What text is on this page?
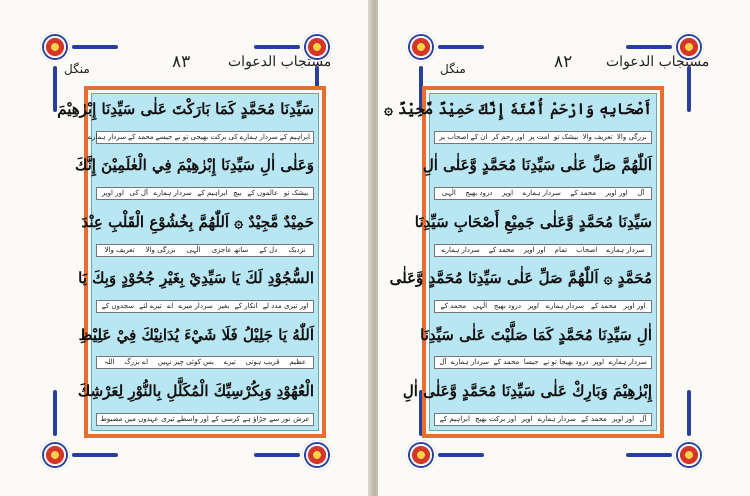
منگل	٨٣	مستجاب الدعوات
سَيِّدِنَا مُحَمَّدٍ كَمَا بَارَكْتَ عَلٰى سَيِّدِنَا إِبْرٰهِيْمَ
ابراہیم کے
سردار ہمارے
کی
برکت بھیجی تو نے
جیسے
محمد کے
سردار ہمارے
وَعَلٰى اٰلِ سَيِّدِنَا إِبْرٰهِيْمَ فِي الْعٰلَمِيْنَ إِنَّكَ
بیشک تو
عالموں کے
بیچ
ابراہیم کے
سردار ہمارے
آل کی
اور اوپر
حَمِيْدٌ مَّجِيْدٌ ۞ اَللّٰهُمَّ بِخُشُوْعِ الْقَلْبِ عِنْدَ
نزدیک
دل کے
ساتھ عاجزی
الٰہی
بزرگی والا
تعریف والا
السُّجُوْدِ لَكَ يَا سَيِّدِيْ بِغَيْرِ جُحُوْدٍ وَبِكَ يَا
اور تیری مدد لے
انکار کے
بغیر
سردار میرے
اے
تیرے لئے
سجدوں کے
اَللّٰهُ يَا جَلِيْلُ فَلَا شَيْءَ يُدَانِيْكَ فِيْ عَلِيْظِ
عظیم
قریب ہوتی
تیرے
بس کوئی چیز نہیں
اے بزرگ
اللہ
الْعُهُوْدِ وَبِكُرْسِيِّكَ الْمُكَلَّلِ بِالنُّوْرِ لِعَرْشِكَ
عرش
نور سے
جڑاؤ ہے
کرسی کے
اور واسطے تیری
عہدوں میں مضبوط
منگل	٨٢ مستجاب الدعوات
أَصْحَابِهٖ وَارْحَمْ أُمَّتَهٗ إِنَّكَ حَمِيْدٌ مَّجِيْدٌ ۞
بزرگی والا
تعریف والا
بیشک تو
امت پر
اور رحم کر
ان کے اصحاب پر
اَللّٰهُمَّ صَلِّ عَلٰى سَيِّدِنَا مُحَمَّدٍ وَّعَلٰى اٰلِ
آل
اور اوپر
محمد کے
سردار ہمارے
اوپر
درود بھیج
الٰہی
سَيِّدِنَا مُحَمَّدٍ وَّعَلٰى جَمِيْعِ أَصْحَابِ سَيِّدِنَا
سردار ہمارے
اصحاب
تمام
اور اوپر
محمد کے
سردار ہمارے
مُحَمَّدٍ ۞ اَللّٰهُمَّ صَلِّ عَلٰى سَيِّدِنَا مُحَمَّدٍ وَّعَلٰى
اور اوپر
محمد کے
سردار ہمارے
اوپر
درود بھیج
الٰہی
محمد کے
اٰلِ سَيِّدِنَا مُحَمَّدٍ كَمَا صَلَّيْتَ عَلٰى سَيِّدِنَا
سردار ہمارے
اوپر
درود بھیجا تو نے
جیسا
محمد کے
سردار ہمارے
آل
إِبْرٰهِيْمَ وَبَارِكْ عَلٰى سَيِّدِنَا مُحَمَّدٍ وَّعَلٰى اٰلِ
آل
اور اوپر
محمد کے
سردار ہمارے
اوپر
اور برکت بھیج
ابراہیم کے
